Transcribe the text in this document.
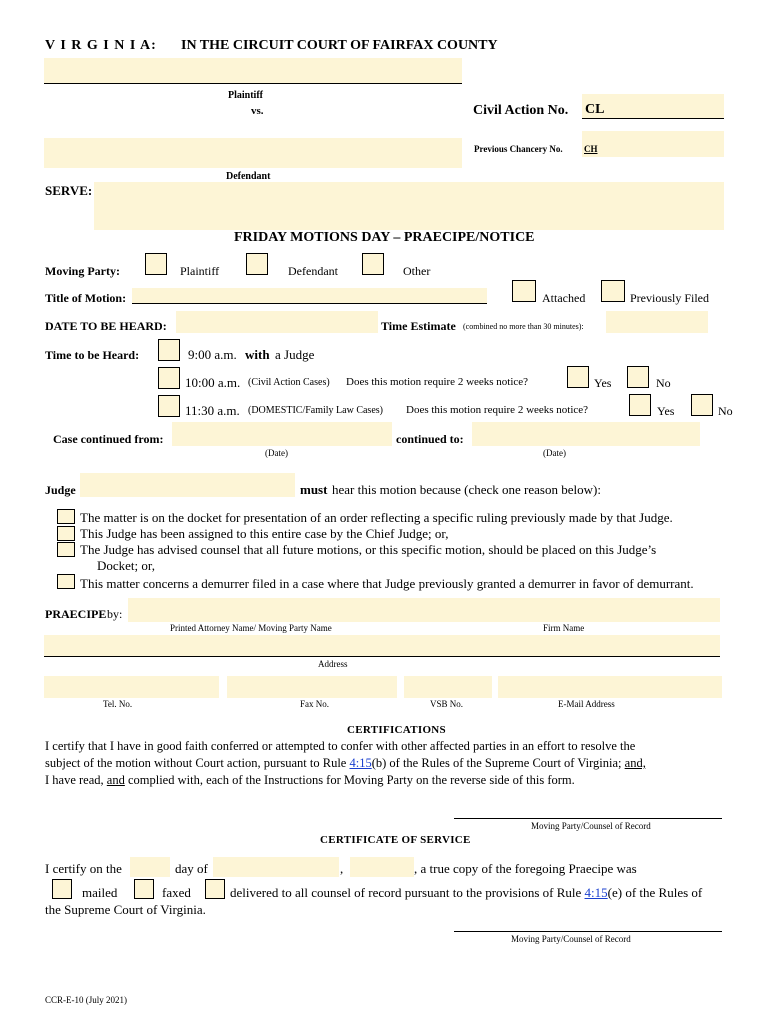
V I R G I N I A: IN THE CIRCUIT COURT OF FAIRFAX COUNTY
Plaintiff
vs.	Civil Action No. CL
Defendant
Previous Chancery No. CH
SERVE:
FRIDAY MOTIONS DAY – PRAECIPE/NOTICE
Moving Party:	Plaintiff	Defendant	Other
Title of Motion:	Attached	Previously Filed
DATE TO BE HEARD:	Time Estimate (combined no more than 30 minutes):
Time to be Heard:	9:00 a.m. with a Judge
10:00 a.m. (Civil Action Cases) Does this motion require 2 weeks notice?	Yes	No
11:30 a.m. (DOMESTIC/Family Law Cases) Does this motion require 2 weeks notice?	Yes	No
Case continued from:
(Date)
continued to:
(Date)
Judge	must hear this motion because (check one reason below):
The matter is on the docket for presentation of an order reflecting a specific ruling previously made by that Judge.
This Judge has been assigned to this entire case by the Chief Judge; or,
The Judge has advised counsel that all future motions, or this specific motion, should be placed on this Judge’s
Docket; or,
This matter concerns a demurrer filed in a case where that Judge previously granted a demurrer in favor of demurrant.
PRAECIPE by:
Printed Attorney Name/ Moving Party Name	Firm Name
Address
Tel. No.	Fax No.	VSB No.	E-Mail Address
CERTIFICATIONS
I certify that I have in good faith conferred or attempted to confer with other affected parties in an effort to resolve the
subject of the motion without Court action, pursuant to Rule 4:15(b) of the Rules of the Supreme Court of Virginia; and,
I have read, and complied with, each of the Instructions for Moving Party on the reverse side of this form.
Moving Party/Counsel of Record
CERTIFICATE OF SERVICE
I certify on the	day of	,	, a true copy of the foregoing Praecipe was
mailed	faxed	delivered to all counsel of record pursuant to the provisions of Rule 4:15(e) of the Rules of
the Supreme Court of Virginia.
Moving Party/Counsel of Record
CCR-E-10 (July 2021)
